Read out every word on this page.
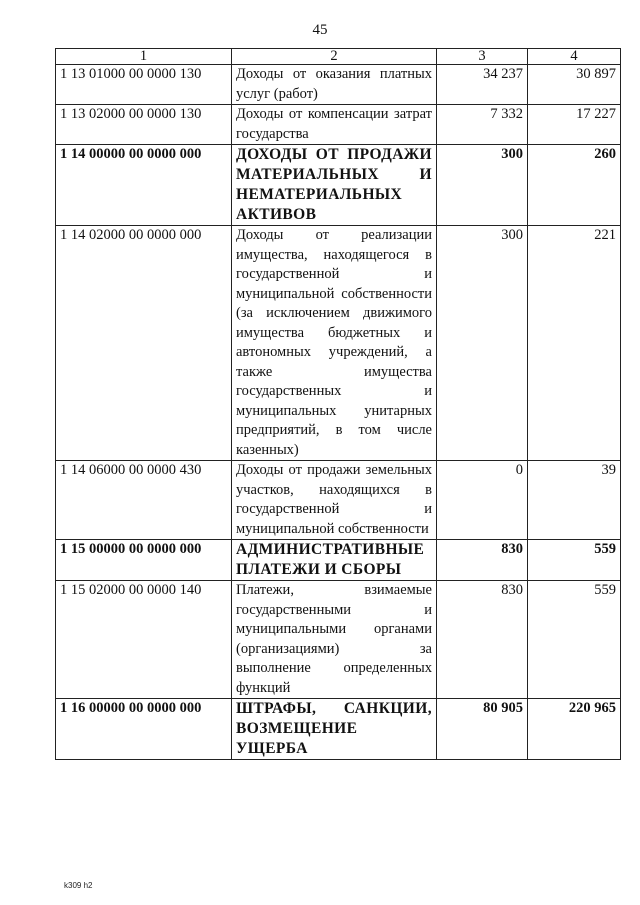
45
1	2	3	4
1 13 01000 00 0000 130	Доходы от оказания платных услуг (работ)	34 237	30 897
1 13 02000 00 0000 130	Доходы от компенсации затрат государства	7 332	17 227
1 14 00000 00 0000 000	ДОХОДЫ ОТ ПРОДАЖИ МАТЕРИАЛЬНЫХ И НЕМАТЕРИАЛЬНЫХ АКТИВОВ	300	260
1 14 02000 00 0000 000	Доходы от реализации имущества, находящегося в государственной и муниципальной собственности (за исключением движимого имущества бюджетных и автономных учреждений, а также имущества государственных и муниципальных унитарных предприятий, в том числе казенных)	300	221
1 14 06000 00 0000 430	Доходы от продажи земельных участков, находящихся в государственной и муниципальной собственности	0	39
1 15 00000 00 0000 000	АДМИНИСТРАТИВНЫЕ ПЛАТЕЖИ И СБОРЫ	830	559
1 15 02000 00 0000 140	Платежи, взимаемые государственными и муниципальными органами (организациями) за выполнение определенных функций	830	559
1 16 00000 00 0000 000	ШТРАФЫ, САНКЦИИ, ВОЗМЕЩЕНИЕ УЩЕРБА	80 905	220 965
k309 h2
